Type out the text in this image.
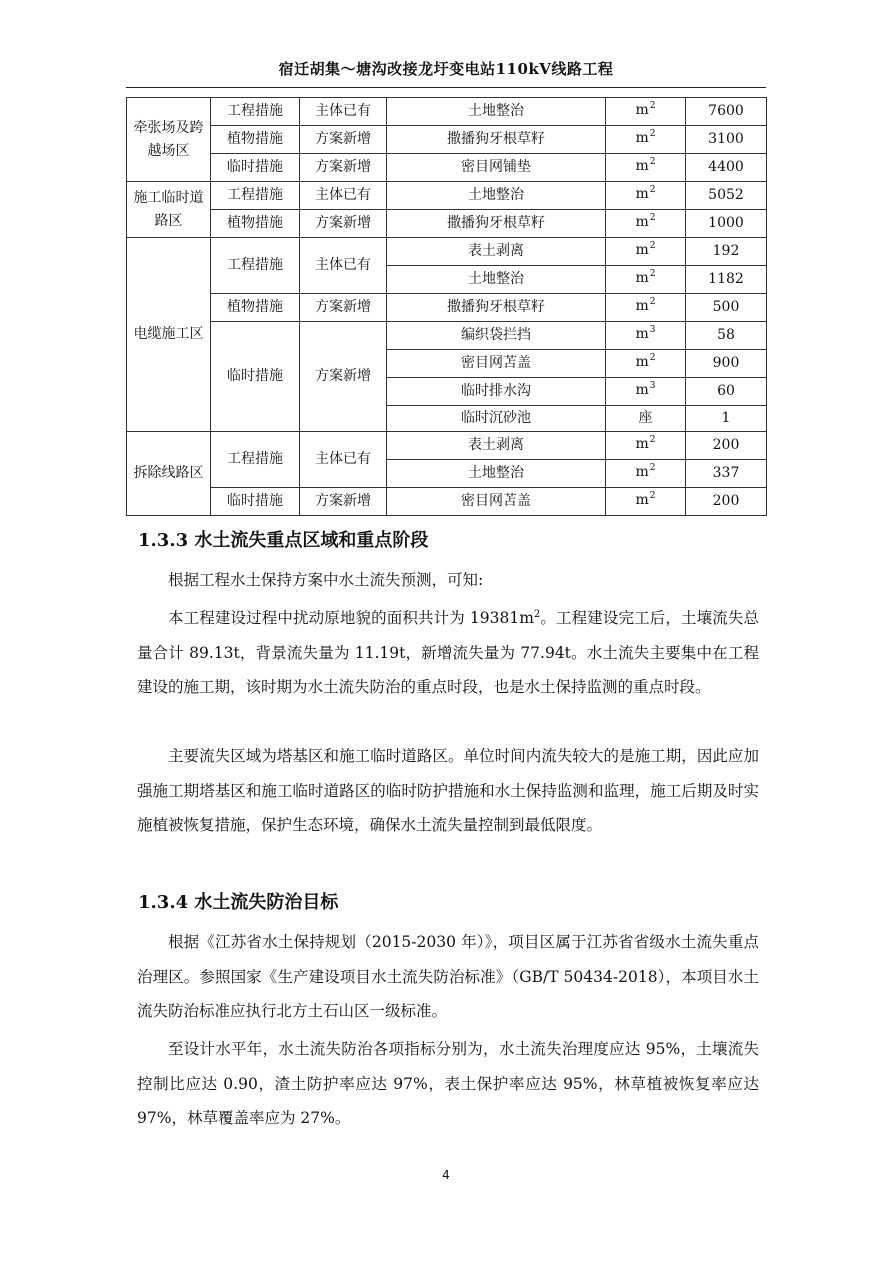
宿迁胡集～塘沟改接龙圩变电站110kV线路工程
牵张场及跨越场区	工程措施	主体已有	土地整治	$m^2$	7600
	植物措施	方案新增	撒播狗牙根草籽	$m^2$	3100
	临时措施	方案新增	密目网铺垫	$m^2$	4400
施工临时道路区	工程措施	主体已有	土地整治	$m^2$	5052
	植物措施	方案新增	撒播狗牙根草籽	$m^2$	1000
电缆施工区	工程措施	主体已有	表土剥离	$m^2$	192
			土地整治	$m^2$	1182
	植物措施	方案新增	撒播狗牙根草籽	$m^2$	500
	临时措施	方案新增	编织袋拦挡	$m^3$	58
			密目网苫盖	$m^2$	900
			临时排水沟	$m^3$	60
			临时沉砂池	座	1
拆除线路区	工程措施	主体已有	表土剥离	$m^2$	200
			土地整治	$m^2$	337
	临时措施	方案新增	密目网苫盖	$m^2$	200
1.3.3 水土流失重点区域和重点阶段

根据工程水土保持方案中水土流失预测，可知:

本工程建设过程中扰动原地貌的面积共计为 $19381m^2$。工程建设完工后，土壤流失总量合计 89.13t，背景流失量为 11.19t，新增流失量为 77.94t。水土流失主要集中在工程建设的施工期，该时期为水土流失防治的重点时段，也是水土保持监测的重点时段。

主要流失区域为塔基区和施工临时道路区。单位时间内流失较大的是施工期，因此应加强施工期塔基区和施工临时道路区的临时防护措施和水土保持监测和监理，施工后期及时实施植被恢复措施，保护生态环境，确保水土流失量控制到最低限度。

1.3.4 水土流失防治目标

根据《江苏省水土保持规划（2015-2030 年）》，项目区属于江苏省省级水土流失重点治理区。参照国家《生产建设项目水土流失防治标准》（GB/T 50434-2018），本项目水土流失防治标准应执行北方土石山区一级标准。

至设计水平年，水土流失防治各项指标分别为，水土流失治理度应达 95%，土壤流失控制比应达 0.90，渣土防护率应达 97%，表土保护率应达 95%，林草植被恢复率应达 97%，林草覆盖率应为 27%。

4
